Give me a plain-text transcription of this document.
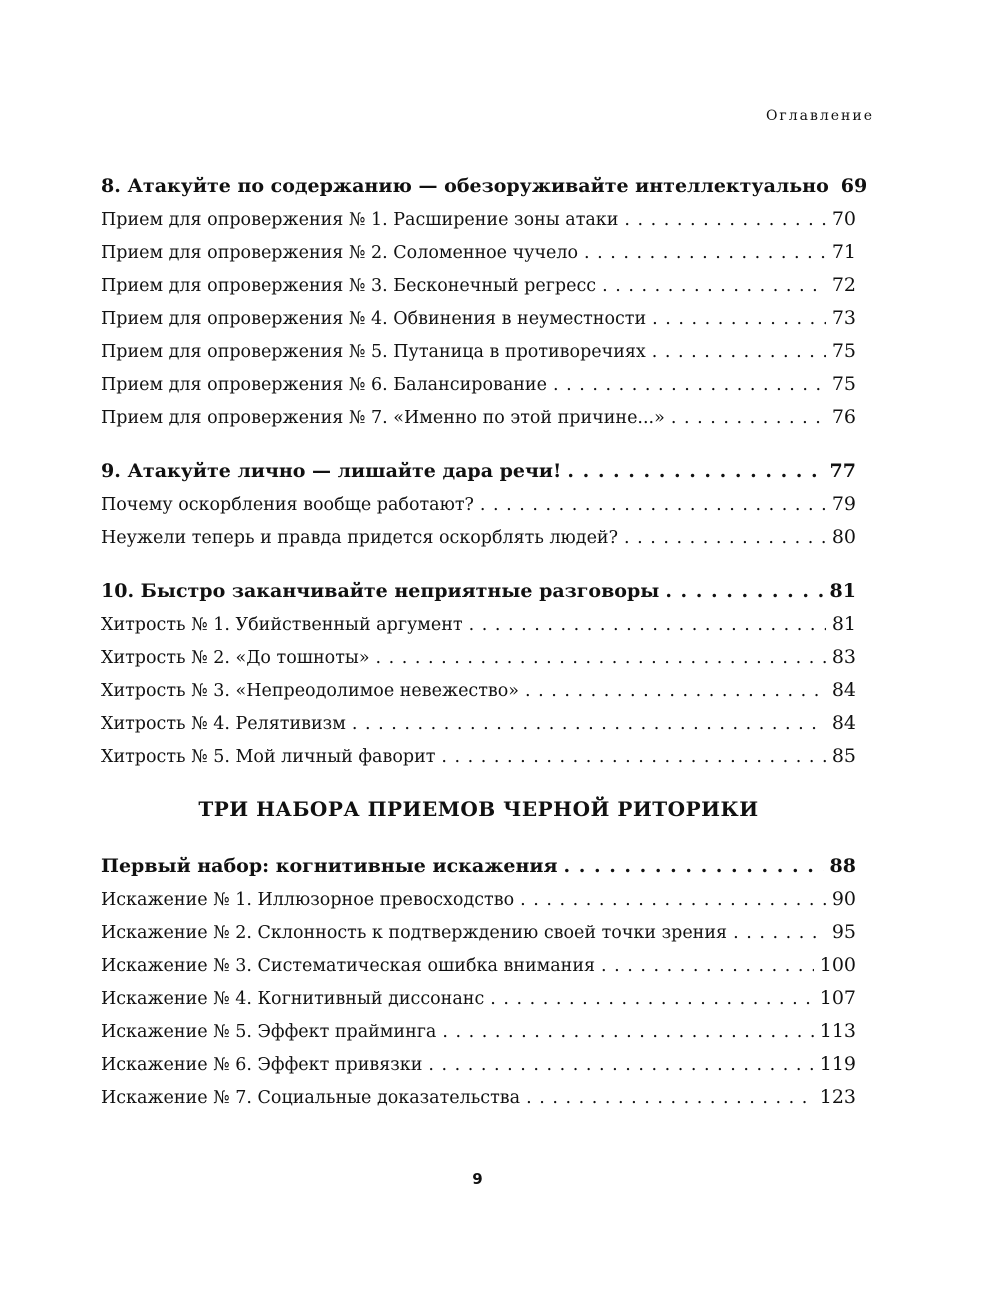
Оглавление
8. Атакуйте по содержанию — обезоруживайте интеллектуально 69
Прием для опровержения № 1. Расширение зоны атаки . . .	70
Прием для опровержения № 2. Соломенное чучело . . .	71
Прием для опровержения № 3. Бесконечный регресс . . .	72
Прием для опровержения № 4. Обвинения в неуместности . . .	73
Прием для опровержения № 5. Путаница в противоречиях . . .	75
Прием для опровержения № 6. Балансирование . . .	75
Прием для опровержения № 7. «Именно по этой причине...» . . .	76
9. Атакуйте лично — лишайте дара речи! . . .	77
Почему оскорбления вообще работают? . . .	79
Неужели теперь и правда придется оскорблять людей? . . .	80
10. Быстро заканчивайте неприятные разговоры . . .	81
Хитрость № 1. Убийственный аргумент . . .	81
Хитрость № 2. «До тошноты» . . .	83
Хитрость № 3. «Непреодолимое невежество» . . .	84
Хитрость № 4. Релятивизм . . .	84
Хитрость № 5. Мой личный фаворит . . .	85
ТРИ НАБОРА ПРИЕМОВ ЧЕРНОЙ РИТОРИКИ
Первый набор: когнитивные искажения . . .	88
Искажение № 1. Иллюзорное превосходство . . .	90
Искажение № 2. Склонность к подтверждению своей точки зрения . . .	95
Искажение № 3. Систематическая ошибка внимания . . .	100
Искажение № 4. Когнитивный диссонанс . . .	107
Искажение № 5. Эффект прайминга . . .	113
Искажение № 6. Эффект привязки . . .	119
Искажение № 7. Социальные доказательства . . .	123
9
